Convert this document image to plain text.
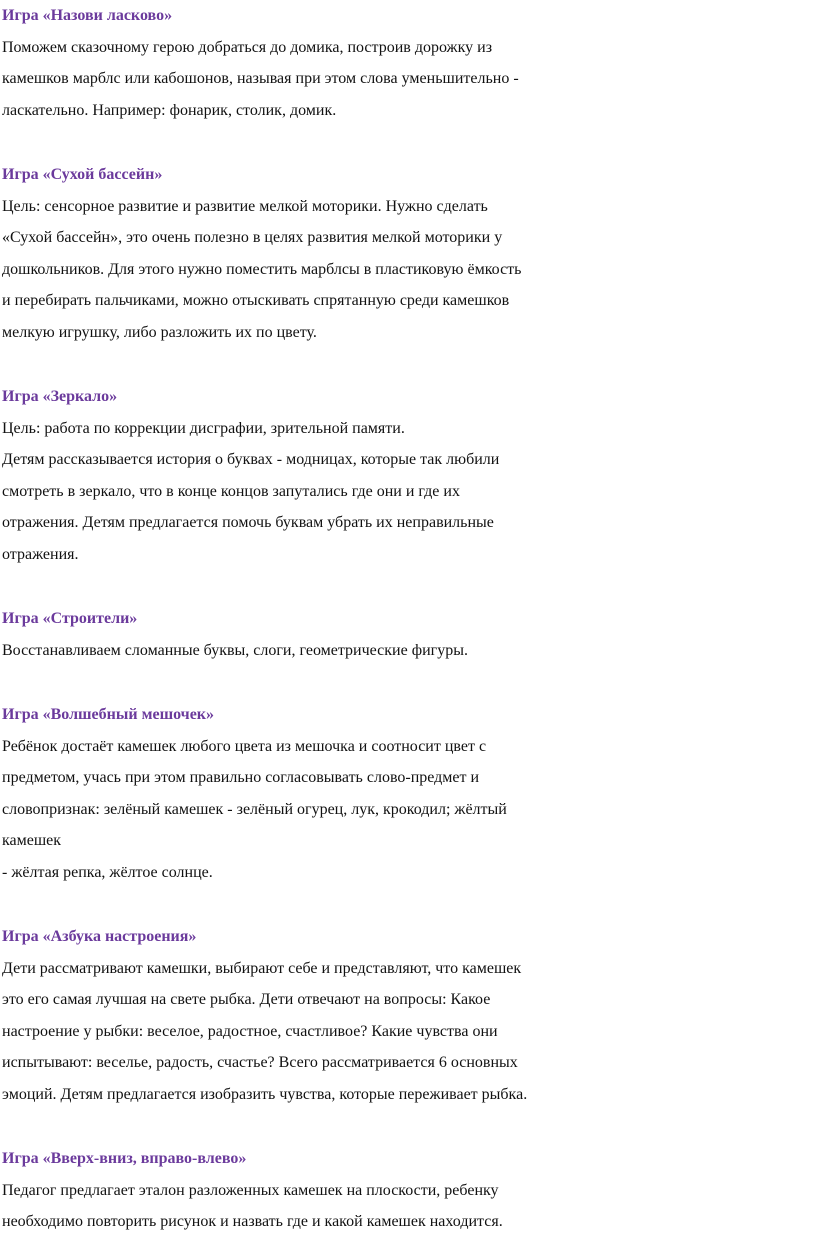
Игра «Назови ласково»

Поможем сказочному герою добраться до домика, построив дорожку из

камешков марблс или кабошонов, называя при этом слова уменьшительно -

ласкательно. Например: фонарик, столик, домик.

Игра «Сухой бассейн»

Цель: сенсорное развитие и развитие мелкой моторики. Нужно сделать

«Сухой бассейн», это очень полезно в целях развития мелкой моторики у

дошкольников. Для этого нужно поместить марблсы в пластиковую ёмкость

и перебирать пальчиками, можно отыскивать спрятанную среди камешков

мелкую игрушку, либо разложить их по цвету.

Игра «Зеркало»

Цель: работа по коррекции дисграфии, зрительной памяти.

Детям рассказывается история о буквах - модницах, которые так любили

смотреть в зеркало, что в конце концов запутались где они и где их

отражения. Детям предлагается помочь буквам убрать их неправильные

отражения.

Игра «Строители»

Восстанавливаем сломанные буквы, слоги, геометрические фигуры.

Игра «Волшебный мешочек»

Ребёнок достаёт камешек любого цвета из мешочка и соотносит цвет с

предметом, учась при этом правильно согласовывать слово-предмет и

словопризнак: зелёный камешек - зелёный огурец, лук, крокодил; жёлтый

камешек

- жёлтая репка, жёлтое солнце.

Игра «Азбука настроения»

Дети рассматривают камешки, выбирают себе и представляют, что камешек

это его самая лучшая на свете рыбка. Дети отвечают на вопросы: Какое

настроение у рыбки: веселое, радостное, счастливое? Какие чувства они

испытывают: веселье, радость, счастье? Всего рассматривается 6 основных

эмоций. Детям предлагается изобразить чувства, которые переживает рыбка.

Игра «Вверх-вниз, вправо-влево»

Педагог предлагает эталон разложенных камешек на плоскости, ребенку

необходимо повторить рисунок и назвать где и какой камешек находится.
